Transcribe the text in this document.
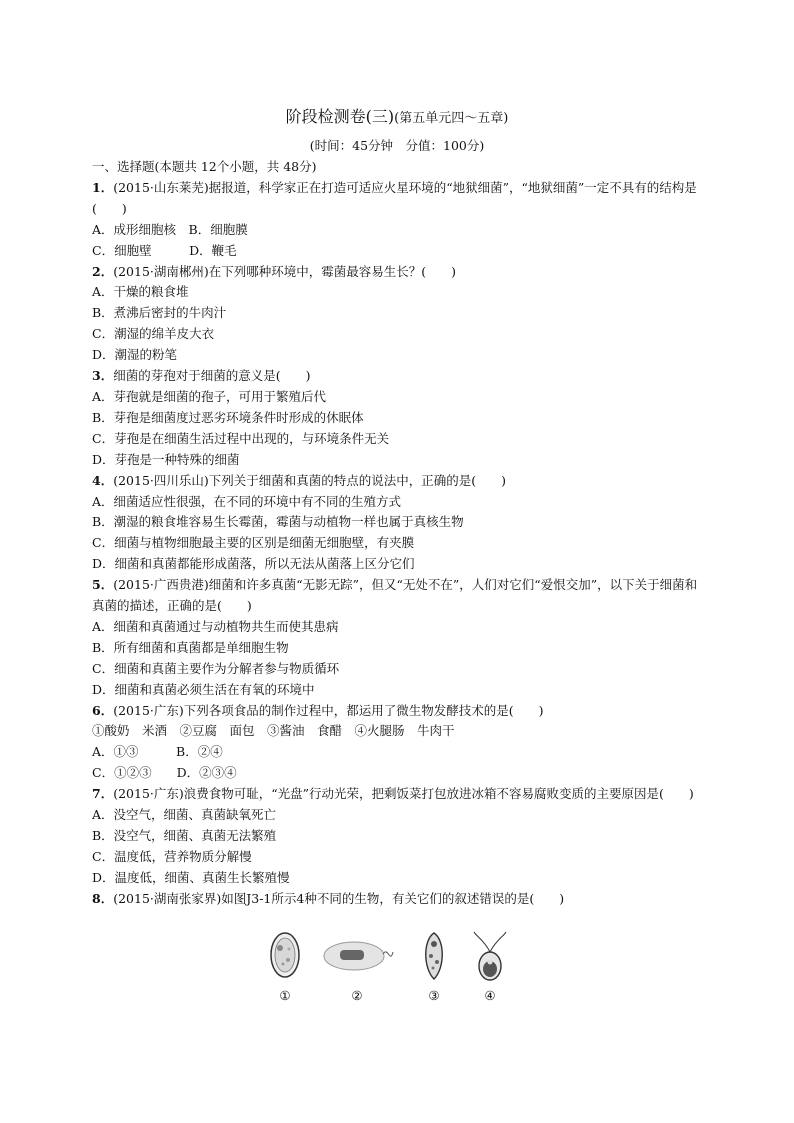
阶段检测卷(三)(第五单元四～五章)
(时间：45分钟　分值：100分)
一、选择题(本题共 12个小题，共 48分)
1．(2015·山东莱芜)据报道，科学家正在打造可适应火星环境的“地狱细菌”，“地狱细菌”一定不具有的结构是(　　)
A．成形细胞核　B．细胞膜
C．细胞壁　　　D．鞭毛
2．(2015·湖南郴州)在下列哪种环境中，霉菌最容易生长？(　　)
A．干燥的粮食堆
B．煮沸后密封的牛肉汁
C．潮湿的绵羊皮大衣
D．潮湿的粉笔
3．细菌的芽孢对于细菌的意义是(　　)
A．芽孢就是细菌的孢子，可用于繁殖后代
B．芽孢是细菌度过恶劣环境条件时形成的休眠体
C．芽孢是在细菌生活过程中出现的，与环境条件无关
D．芽孢是一种特殊的细菌
4．(2015·四川乐山)下列关于细菌和真菌的特点的说法中，正确的是(　　)
A．细菌适应性很强，在不同的环境中有不同的生殖方式
B．潮湿的粮食堆容易生长霉菌，霉菌与动植物一样也属于真核生物
C．细菌与植物细胞最主要的区别是细菌无细胞壁，有夹膜
D．细菌和真菌都能形成菌落，所以无法从菌落上区分它们
5．(2015·广西贵港)细菌和许多真菌“无影无踪”，但又“无处不在”，人们对它们“爱恨交加”，以下关于细菌和真菌的描述，正确的是(　　)
A．细菌和真菌通过与动植物共生而使其患病
B．所有细菌和真菌都是单细胞生物
C．细菌和真菌主要作为分解者参与物质循环
D．细菌和真菌必须生活在有氧的环境中
6．(2015·广东)下列各项食品的制作过程中，都运用了微生物发酵技术的是(　　)
①酸奶　米酒　②豆腐　面包　③酱油　食醋　④火腿肠　牛肉干
A．①③　　　B．②④
C．①②③　　D．②③④
7．(2015·广东)浪费食物可耻，“光盘”行动光荣，把剩饭菜打包放进冰箱不容易腐败变质的主要原因是(　　)
A．没空气，细菌、真菌缺氧死亡
B．没空气，细菌、真菌无法繁殖
C．温度低，营养物质分解慢
D．温度低，细菌、真菌生长繁殖慢
8．(2015·湖南张家界)如图J3-1所示4种不同的生物，有关它们的叙述错误的是(　　)
①	②	③	④
